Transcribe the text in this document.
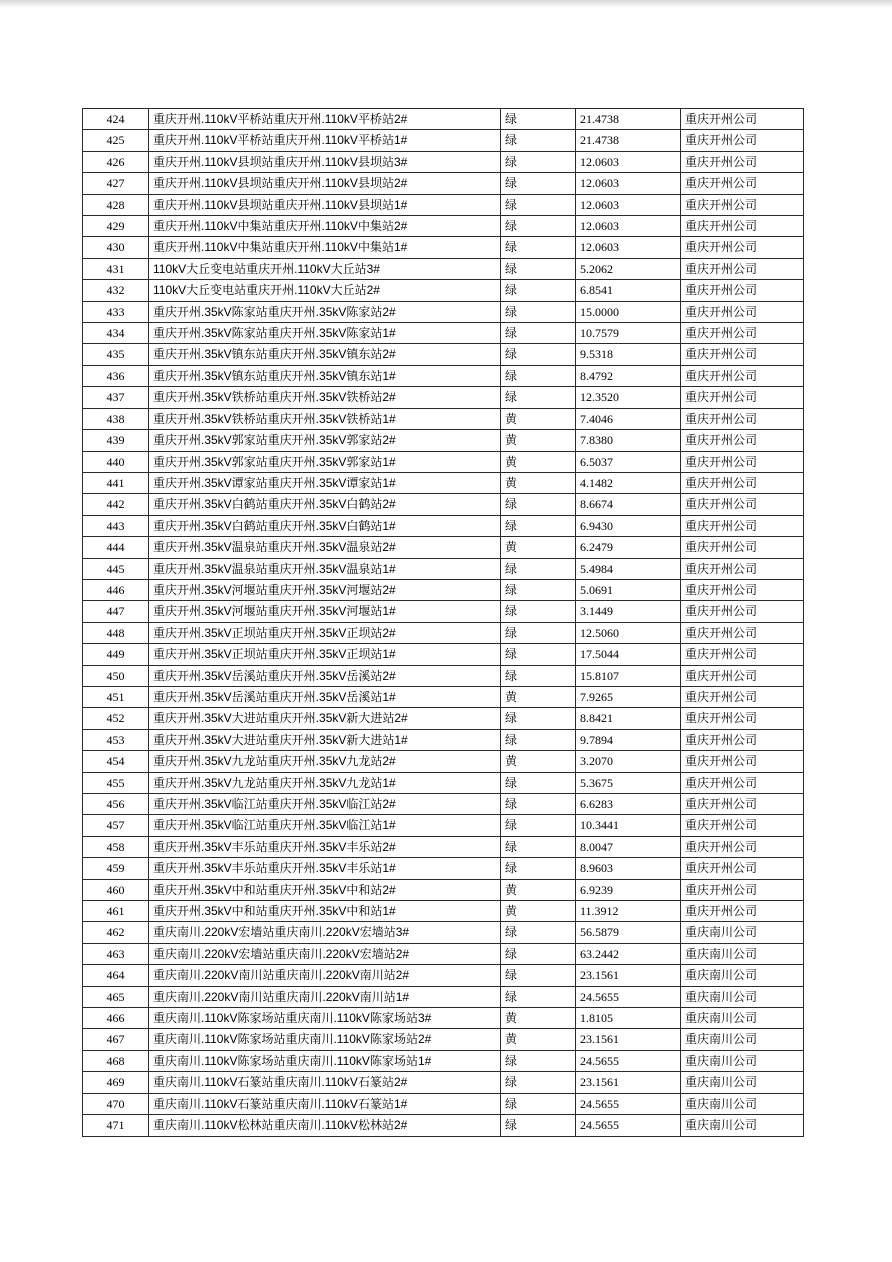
424	重庆开州.110kV平桥站重庆开州.110kV平桥站2#	绿	21.4738	重庆开州公司
425	重庆开州.110kV平桥站重庆开州.110kV平桥站1#	绿	21.4738	重庆开州公司
426	重庆开州.110kV县坝站重庆开州.110kV县坝站3#	绿	12.0603	重庆开州公司
427	重庆开州.110kV县坝站重庆开州.110kV县坝站2#	绿	12.0603	重庆开州公司
428	重庆开州.110kV县坝站重庆开州.110kV县坝站1#	绿	12.0603	重庆开州公司
429	重庆开州.110kV中集站重庆开州.110kV中集站2#	绿	12.0603	重庆开州公司
430	重庆开州.110kV中集站重庆开州.110kV中集站1#	绿	12.0603	重庆开州公司
431	110kV大丘变电站重庆开州.110kV大丘站3#	绿	5.2062	重庆开州公司
432	110kV大丘变电站重庆开州.110kV大丘站2#	绿	6.8541	重庆开州公司
433	重庆开州.35kV陈家站重庆开州.35kV陈家站2#	绿	15.0000	重庆开州公司
434	重庆开州.35kV陈家站重庆开州.35kV陈家站1#	绿	10.7579	重庆开州公司
435	重庆开州.35kV镇东站重庆开州.35kV镇东站2#	绿	9.5318	重庆开州公司
436	重庆开州.35kV镇东站重庆开州.35kV镇东站1#	绿	8.4792	重庆开州公司
437	重庆开州.35kV铁桥站重庆开州.35kV铁桥站2#	绿	12.3520	重庆开州公司
438	重庆开州.35kV铁桥站重庆开州.35kV铁桥站1#	黄	7.4046	重庆开州公司
439	重庆开州.35kV郭家站重庆开州.35kV郭家站2#	黄	7.8380	重庆开州公司
440	重庆开州.35kV郭家站重庆开州.35kV郭家站1#	黄	6.5037	重庆开州公司
441	重庆开州.35kV谭家站重庆开州.35kV谭家站1#	黄	4.1482	重庆开州公司
442	重庆开州.35kV白鹤站重庆开州.35kV白鹤站2#	绿	8.6674	重庆开州公司
443	重庆开州.35kV白鹤站重庆开州.35kV白鹤站1#	绿	6.9430	重庆开州公司
444	重庆开州.35kV温泉站重庆开州.35kV温泉站2#	黄	6.2479	重庆开州公司
445	重庆开州.35kV温泉站重庆开州.35kV温泉站1#	绿	5.4984	重庆开州公司
446	重庆开州.35kV河堰站重庆开州.35kV河堰站2#	绿	5.0691	重庆开州公司
447	重庆开州.35kV河堰站重庆开州.35kV河堰站1#	绿	3.1449	重庆开州公司
448	重庆开州.35kV正坝站重庆开州.35kV正坝站2#	绿	12.5060	重庆开州公司
449	重庆开州.35kV正坝站重庆开州.35kV正坝站1#	绿	17.5044	重庆开州公司
450	重庆开州.35kV岳溪站重庆开州.35kV岳溪站2#	绿	15.8107	重庆开州公司
451	重庆开州.35kV岳溪站重庆开州.35kV岳溪站1#	黄	7.9265	重庆开州公司
452	重庆开州.35kV大进站重庆开州.35kV新大进站2#	绿	8.8421	重庆开州公司
453	重庆开州.35kV大进站重庆开州.35kV新大进站1#	绿	9.7894	重庆开州公司
454	重庆开州.35kV九龙站重庆开州.35kV九龙站2#	黄	3.2070	重庆开州公司
455	重庆开州.35kV九龙站重庆开州.35kV九龙站1#	绿	5.3675	重庆开州公司
456	重庆开州.35kV临江站重庆开州.35kV临江站2#	绿	6.6283	重庆开州公司
457	重庆开州.35kV临江站重庆开州.35kV临江站1#	绿	10.3441	重庆开州公司
458	重庆开州.35kV丰乐站重庆开州.35kV丰乐站2#	绿	8.0047	重庆开州公司
459	重庆开州.35kV丰乐站重庆开州.35kV丰乐站1#	绿	8.9603	重庆开州公司
460	重庆开州.35kV中和站重庆开州.35kV中和站2#	黄	6.9239	重庆开州公司
461	重庆开州.35kV中和站重庆开州.35kV中和站1#	黄	11.3912	重庆开州公司
462	重庆南川.220kV宏墙站重庆南川.220kV宏墙站3#	绿	56.5879	重庆南川公司
463	重庆南川.220kV宏墙站重庆南川.220kV宏墙站2#	绿	63.2442	重庆南川公司
464	重庆南川.220kV南川站重庆南川.220kV南川站2#	绿	23.1561	重庆南川公司
465	重庆南川.220kV南川站重庆南川.220kV南川站1#	绿	24.5655	重庆南川公司
466	重庆南川.110kV陈家场站重庆南川.110kV陈家场站3#	黄	1.8105	重庆南川公司
467	重庆南川.110kV陈家场站重庆南川.110kV陈家场站2#	黄	23.1561	重庆南川公司
468	重庆南川.110kV陈家场站重庆南川.110kV陈家场站1#	绿	24.5655	重庆南川公司
469	重庆南川.110kV石篆站重庆南川.110kV石篆站2#	绿	23.1561	重庆南川公司
470	重庆南川.110kV石篆站重庆南川.110kV石篆站1#	绿	24.5655	重庆南川公司
471	重庆南川.110kV松林站重庆南川.110kV松林站2#	绿	24.5655	重庆南川公司
